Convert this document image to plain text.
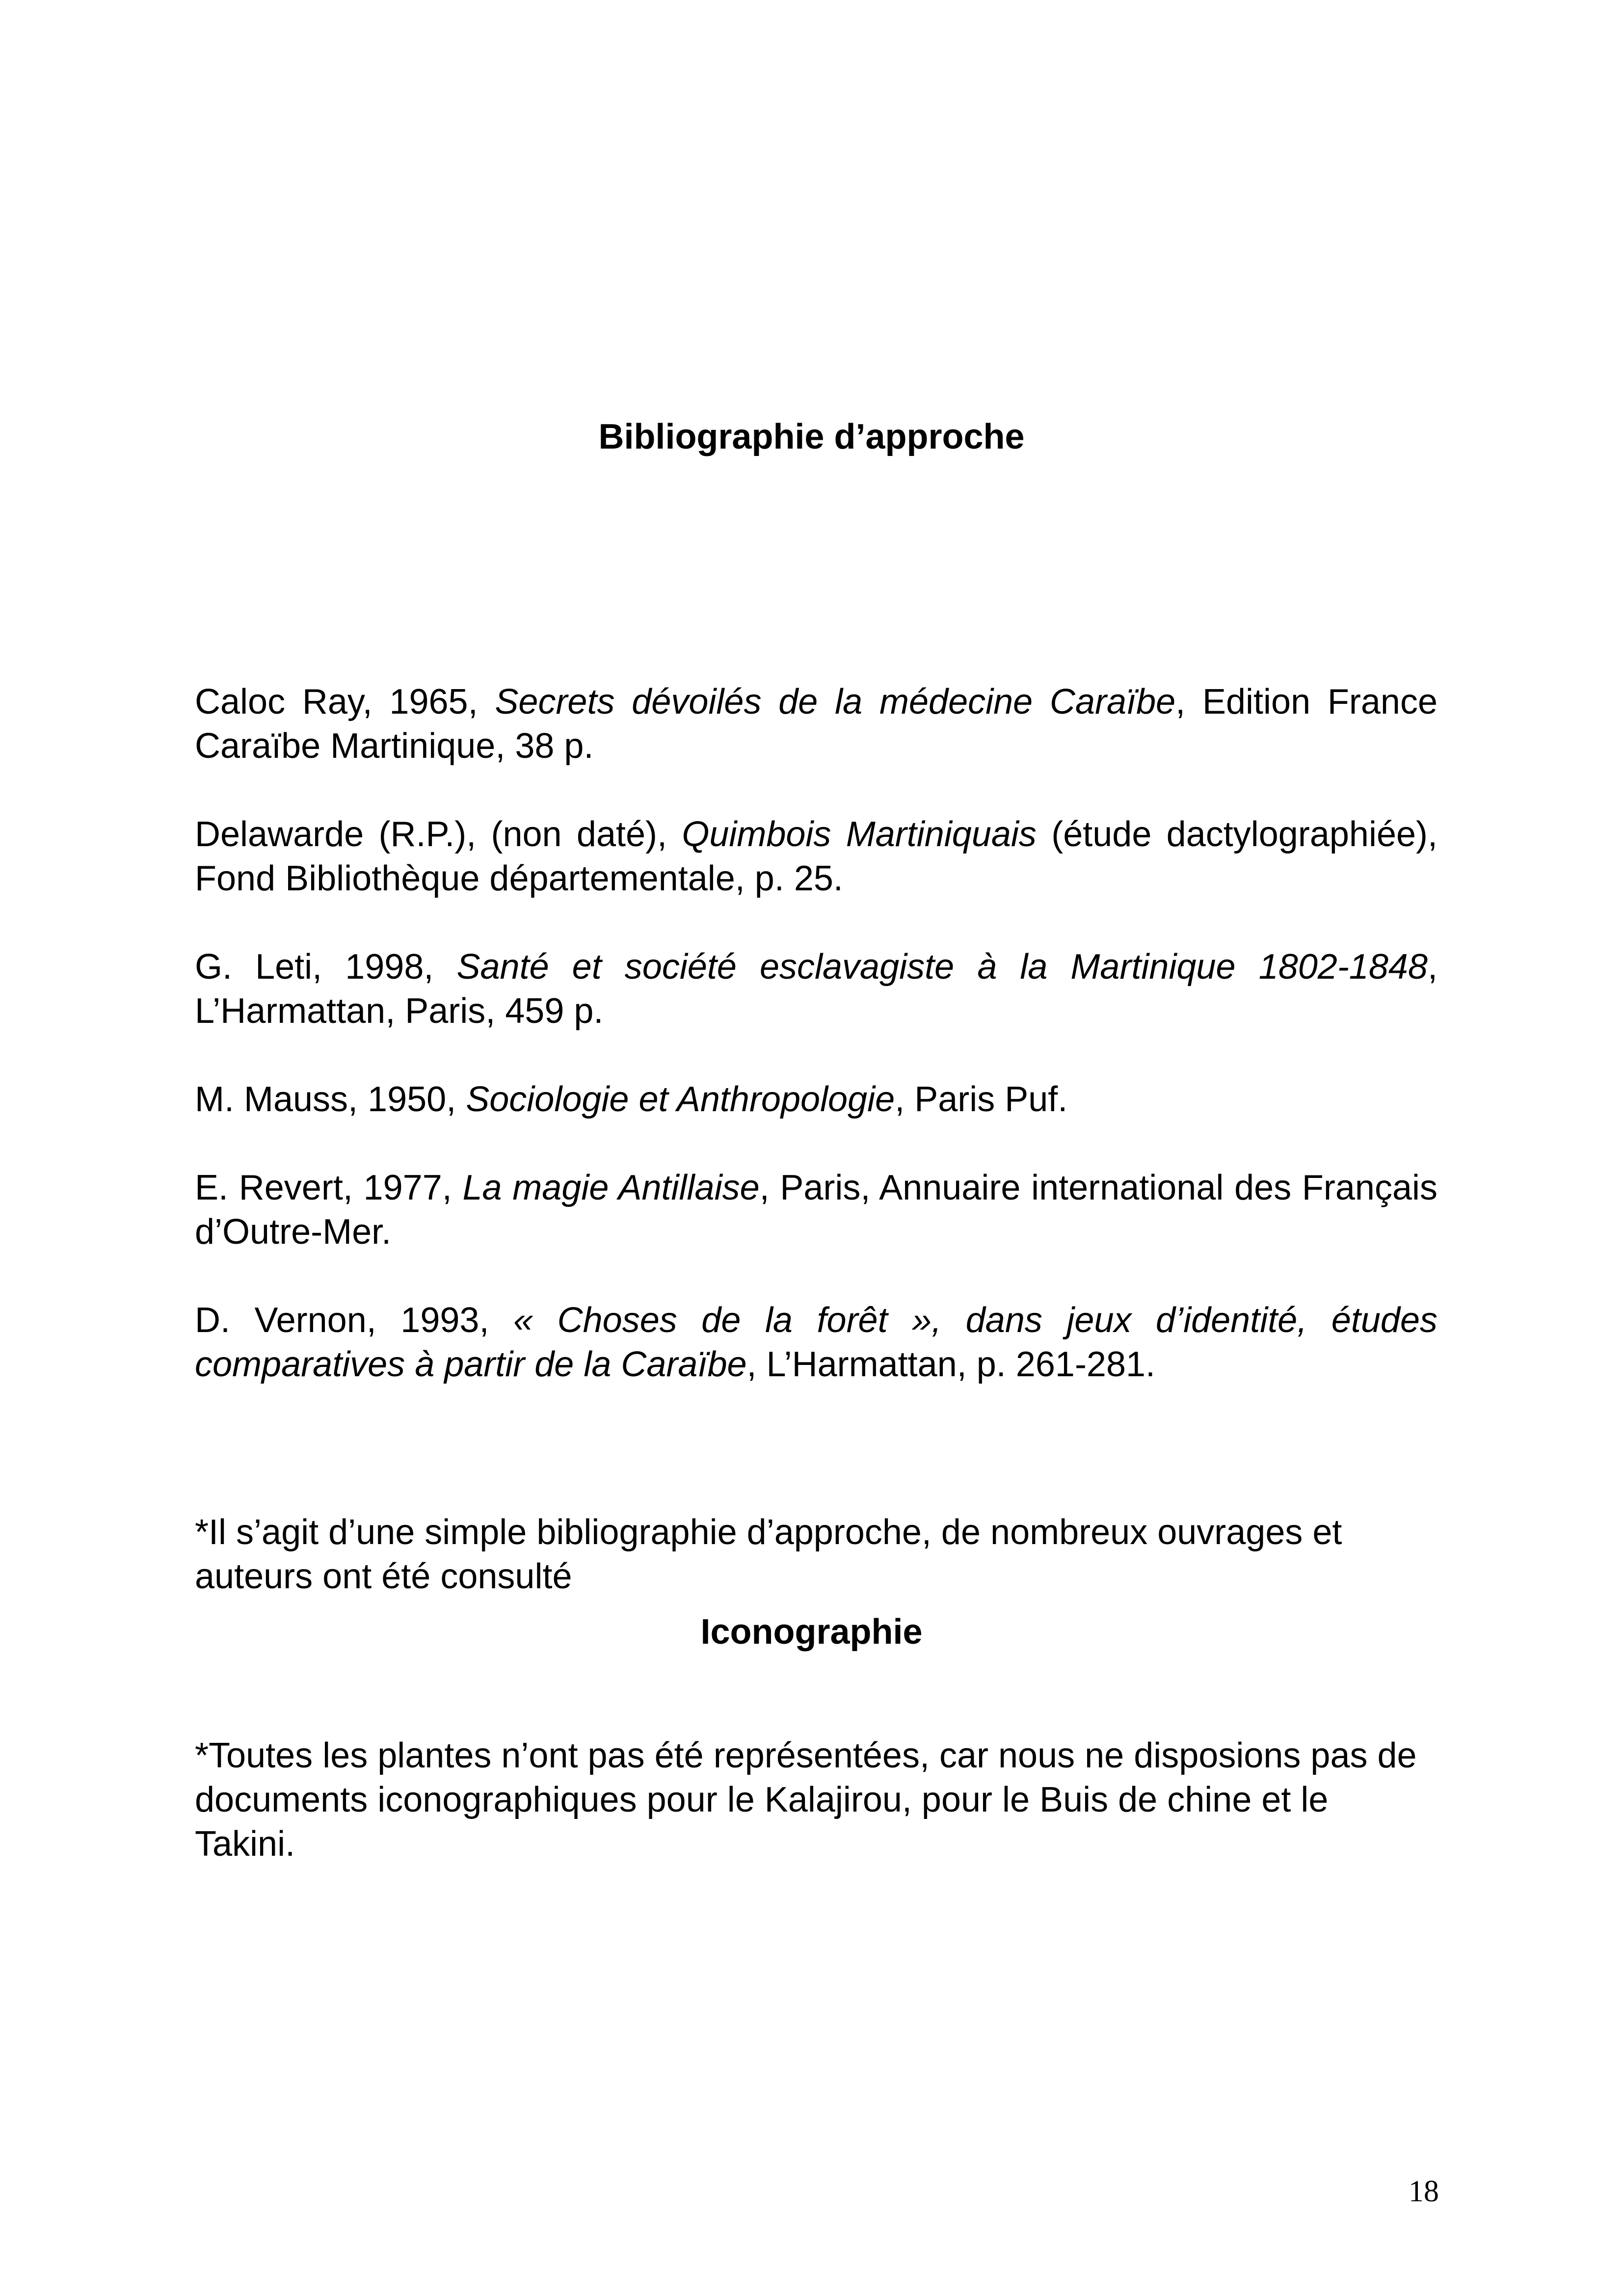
Bibliographie d’approche

Caloc Ray, 1965, Secrets dévoilés de la médecine Caraïbe, Edition France Caraïbe Martinique, 38 p.

Delawarde (R.P.), (non daté), Quimbois Martiniquais (étude dactylographiée), Fond Bibliothèque départementale, p. 25.

G. Leti, 1998, Santé et société esclavagiste à la Martinique 1802-1848, L’Harmattan, Paris, 459 p.

M. Mauss, 1950, Sociologie et Anthropologie, Paris Puf.

E. Revert, 1977, La magie Antillaise, Paris, Annuaire international des Français d’Outre-Mer.

D. Vernon, 1993, « Choses de la forêt », dans jeux d’identité, études comparatives à partir de la Caraïbe, L’Harmattan, p. 261-281.

*Il s’agit d’une simple bibliographie d’approche, de nombreux ouvrages et auteurs ont été consulté

Iconographie

*Toutes les plantes n’ont pas été représentées, car nous ne disposions pas de documents iconographiques pour le Kalajirou, pour le Buis de chine et le Takini.

18
